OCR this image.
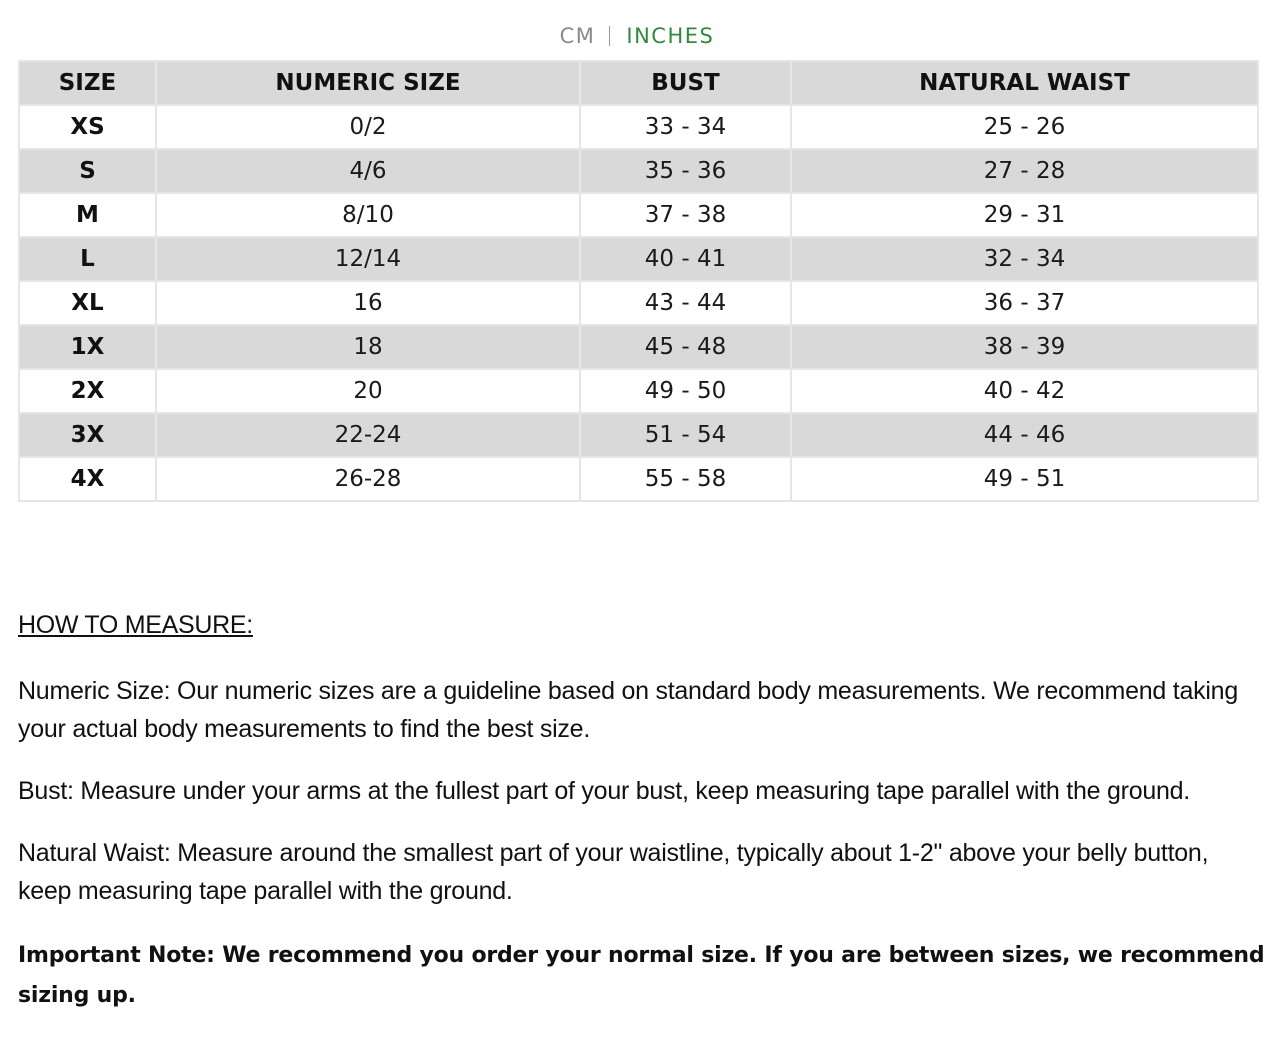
CM INCHES
SIZE	NUMERIC SIZE	BUST	NATURAL WAIST
XS	0/2	33 - 34	25 - 26
S	4/6	35 - 36	27 - 28
M	8/10	37 - 38	29 - 31
L	12/14	40 - 41	32 - 34
XL	16	43 - 44	36 - 37
1X	18	45 - 48	38 - 39
2X	20	49 - 50	40 - 42
3X	22-24	51 - 54	44 - 46
4X	26-28	55 - 58	49 - 51
HOW TO MEASURE:

Numeric Size: Our numeric sizes are a guideline based on standard body measurements. We recommend taking your actual body measurements to find the best size.

Bust: Measure under your arms at the fullest part of your bust, keep measuring tape parallel with the ground.

Natural Waist: Measure around the smallest part of your waistline, typically about 1-2" above your belly button, keep measuring tape parallel with the ground.

Important Note: We recommend you order your normal size. If you are between sizes, we recommend sizing up.
